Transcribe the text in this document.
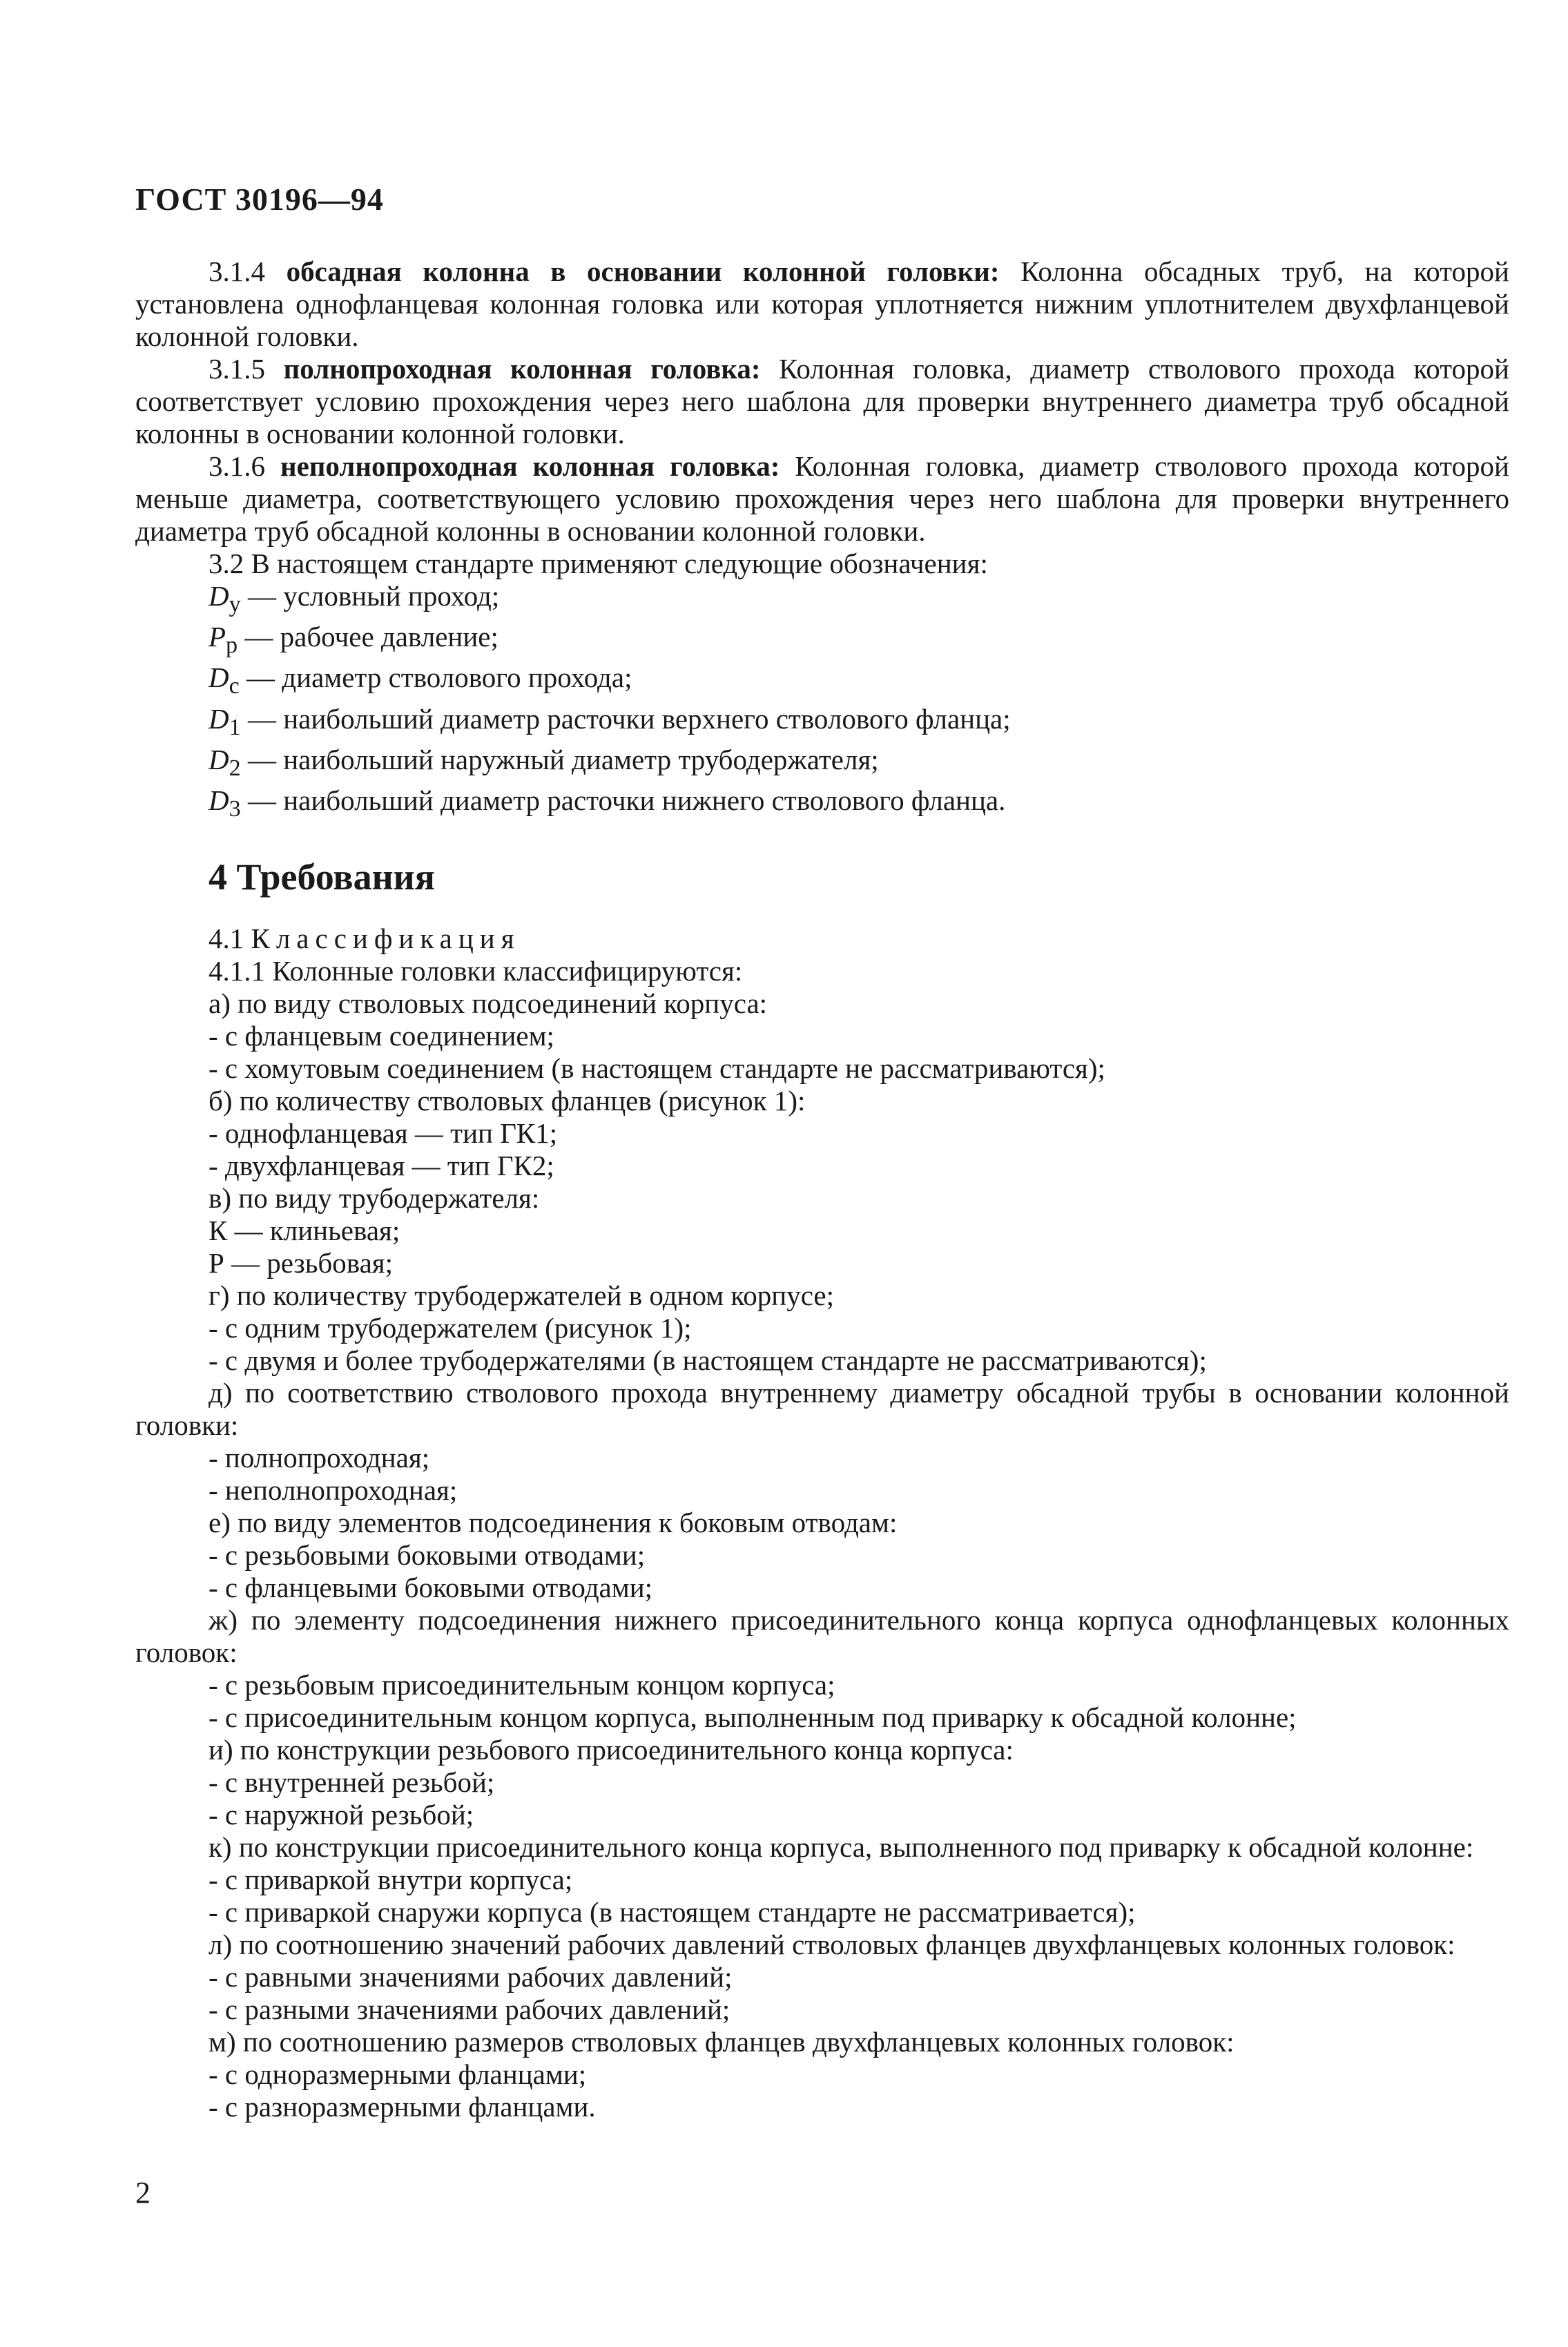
ГОСТ 30196—94

3.1.4 обсадная колонна в основании колонной головки: Колонна обсадных труб, на которой установлена однофланцевая колонная головка или которая уплотняется нижним уплотнителем двухфланцевой колонной головки.

3.1.5 полнопроходная колонная головка: Колонная головка, диаметр стволового прохода которой соответствует условию прохождения через него шаблона для проверки внутреннего диаметра труб обсадной колонны в основании колонной головки.

3.1.6 неполнопроходная колонная головка: Колонная головка, диаметр стволового прохода которой меньше диаметра, соответствующего условию прохождения через него шаблона для проверки внутреннего диаметра труб обсадной колонны в основании колонной головки.

3.2 В настоящем стандарте применяют следующие обозначения:

$D_у$ — условный проход;

$P_р$ — рабочее давление;

$D_с$ — диаметр стволового прохода;

$D_1$ — наибольший диаметр расточки верхнего стволового фланца;

$D_2$ — наибольший наружный диаметр трубодержателя;

$D_3$ — наибольший диаметр расточки нижнего стволового фланца.

4 Требования

4.1 Классификация

4.1.1 Колонные головки классифицируются:

а) по виду стволовых подсоединений корпуса:

- с фланцевым соединением;

- с хомутовым соединением (в настоящем стандарте не рассматриваются);

б) по количеству стволовых фланцев (рисунок 1):

- однофланцевая — тип ГК1;

- двухфланцевая — тип ГК2;

в) по виду трубодержателя:

К — клиньевая;

Р — резьбовая;

г) по количеству трубодержателей в одном корпусе;

- с одним трубодержателем (рисунок 1);

- с двумя и более трубодержателями (в настоящем стандарте не рассматриваются);

д) по соответствию стволового прохода внутреннему диаметру обсадной трубы в основании колонной головки:

- полнопроходная;

- неполнопроходная;

е) по виду элементов подсоединения к боковым отводам:

- с резьбовыми боковыми отводами;

- с фланцевыми боковыми отводами;

ж) по элементу подсоединения нижнего присоединительного конца корпуса однофланцевых колонных головок:

- с резьбовым присоединительным концом корпуса;

- с присоединительным концом корпуса, выполненным под приварку к обсадной колонне;

и) по конструкции резьбового присоединительного конца корпуса:

- с внутренней резьбой;

- с наружной резьбой;

к) по конструкции присоединительного конца корпуса, выполненного под приварку к обсадной колонне:

- с приваркой внутри корпуса;

- с приваркой снаружи корпуса (в настоящем стандарте не рассматривается);

л) по соотношению значений рабочих давлений стволовых фланцев двухфланцевых колонных головок:

- с равными значениями рабочих давлений;

- с разными значениями рабочих давлений;

м) по соотношению размеров стволовых фланцев двухфланцевых колонных головок:

- с одноразмерными фланцами;

- с разноразмерными фланцами.

2
